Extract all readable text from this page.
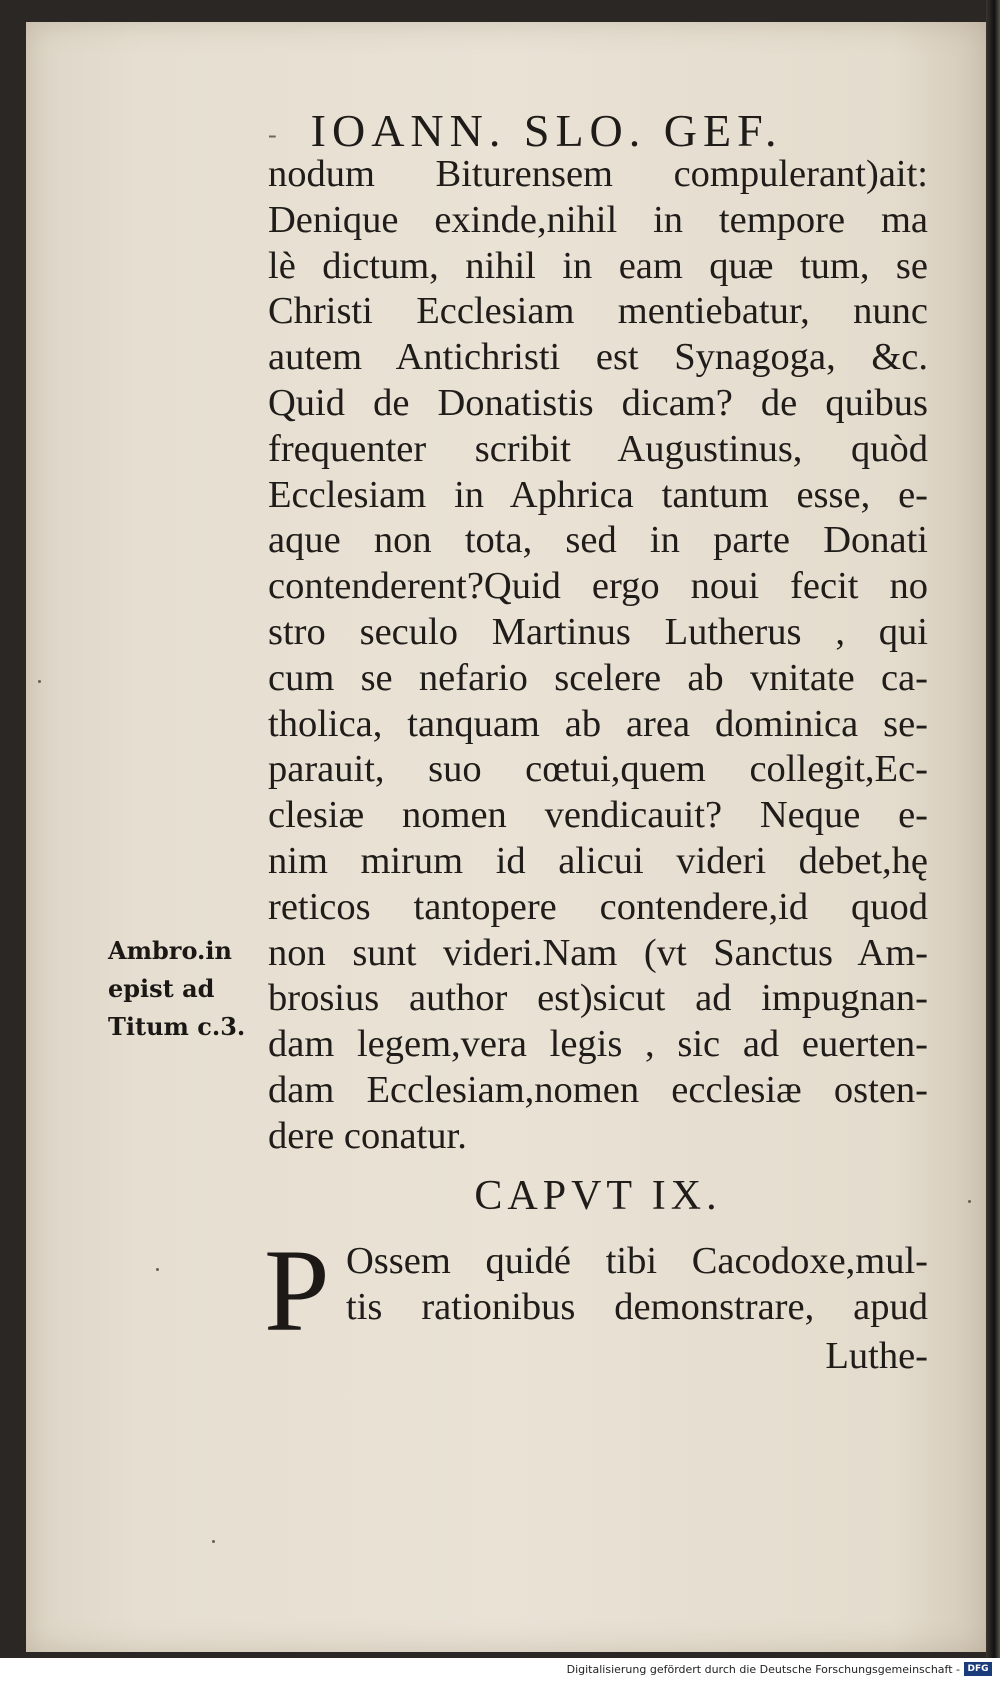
- IOANN. SLO. GEF.
nodum Biturensem compulerant)ait:
Denique exinde,nihil in tempore ma
lè dictum, nihil in eam quæ tum, se
Christi Ecclesiam mentiebatur, nunc
autem Antichristi est Synagoga, &c.
Quid de Donatistis dicam? de quibus
frequenter scribit Augustinus, quòd
Ecclesiam in Aphrica tantum esse, e-
aque non tota, sed in parte Donati
contenderent?Quid ergo noui fecit no
stro seculo Martinus Lutherus , qui
cum se nefario scelere ab vnitate ca-
tholica, tanquam ab area dominica se-
parauit, suo cœtui,quem collegit,Ec-
clesiæ nomen vendicauit? Neque e-
nim mirum id alicui videri debet,hę
reticos tantopere contendere,id quod
non sunt videri.Nam (vt Sanctus Am-
brosius author est)sicut ad impugnan-
dam legem,vera legis , sic ad euerten-
dam Ecclesiam,nomen ecclesiæ osten-
dere conatur.
Ambro.in
epist ad
Titum c.3.
CAPVT IX.
P Ossem quidé tibi Cacodoxe,mul-
tis rationibus demonstrare, apud
Luthe-
Digitalisierung gefördert durch die Deutsche Forschungsgemeinschaft - DFG
